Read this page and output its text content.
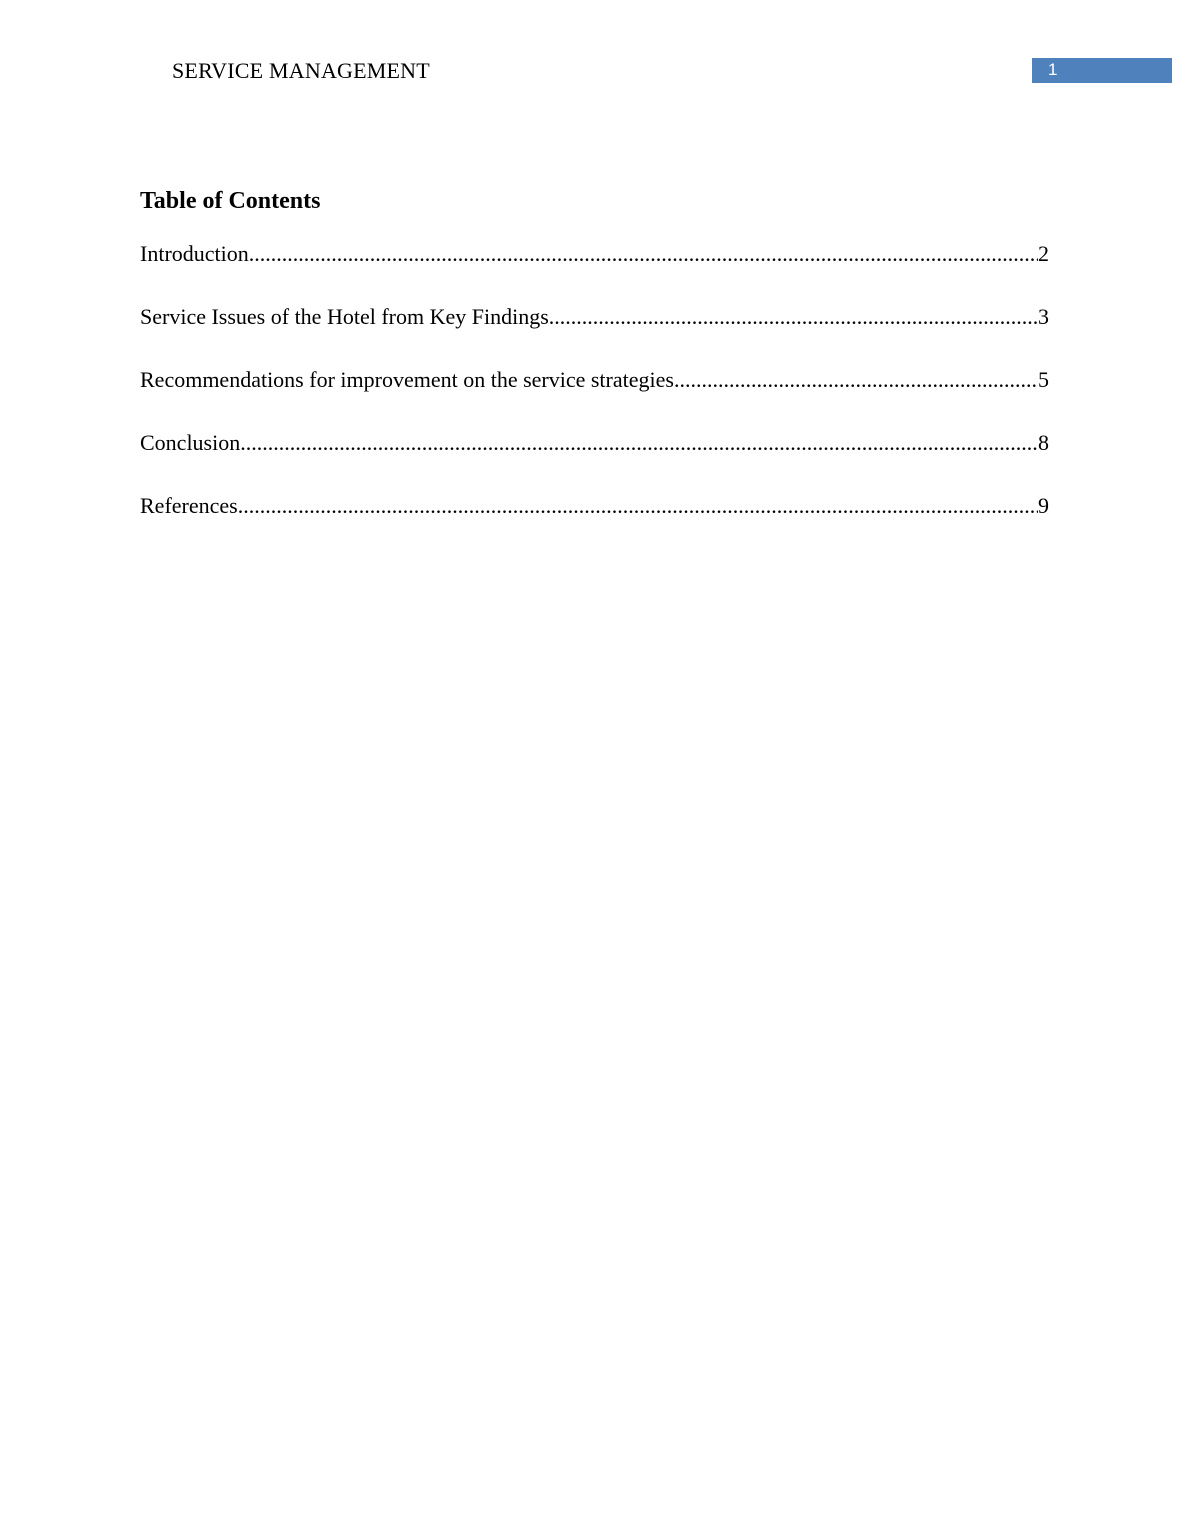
SERVICE MANAGEMENT	1
Table of Contents
Introduction .....	2
Service Issues of the Hotel from Key Findings .....	3
Recommendations for improvement on the service strategies .....	5
Conclusion .....	8
References .....	9
